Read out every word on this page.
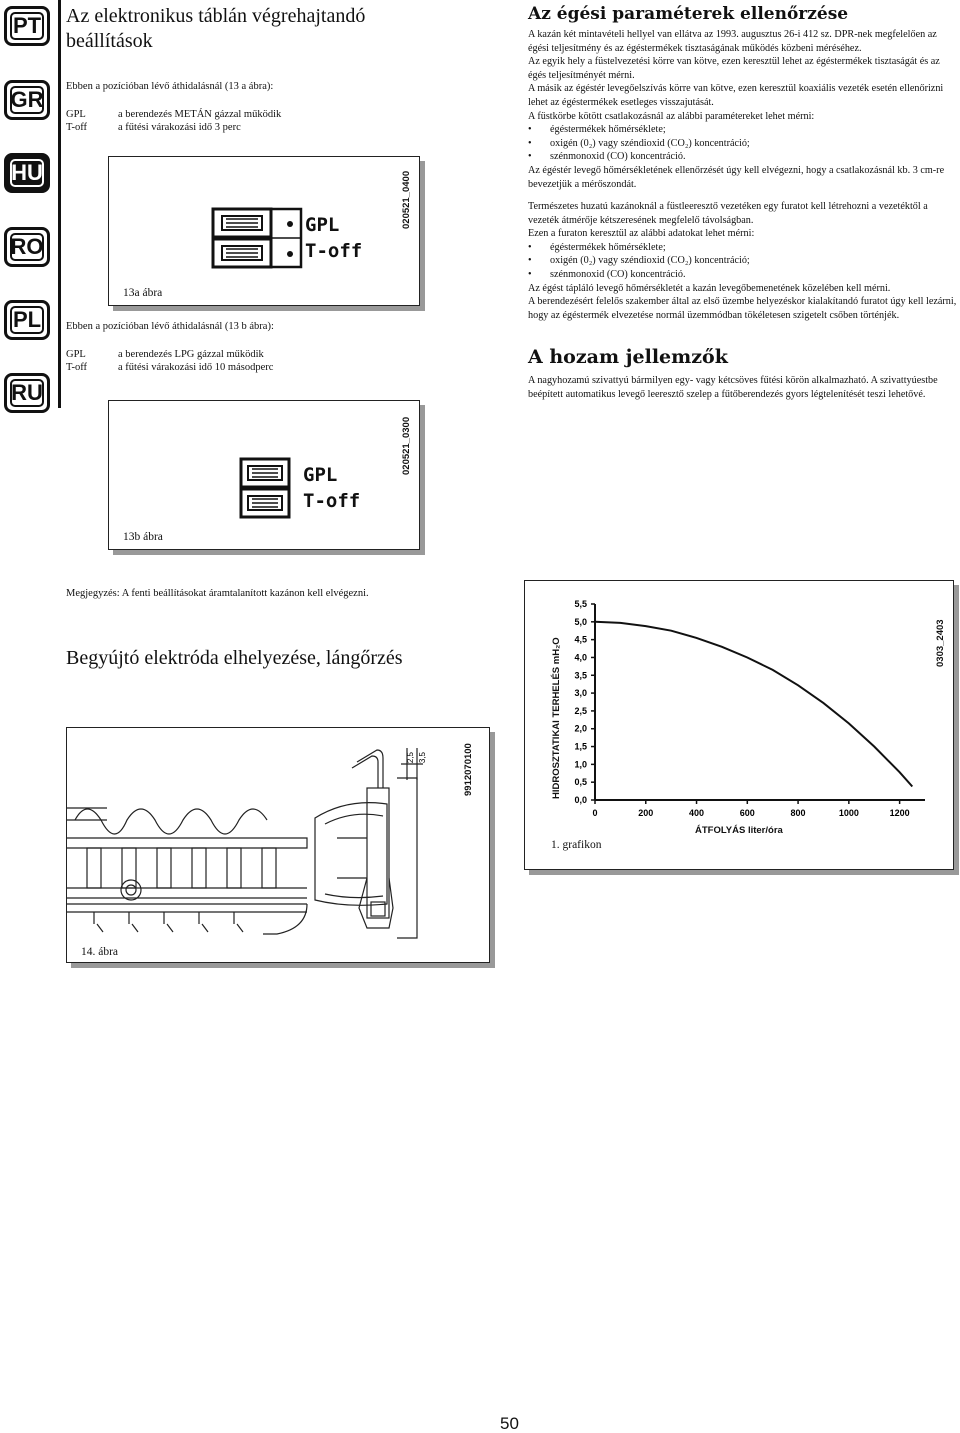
PT
GR
HU
RO
PL
RU
Az elektronikus táblán végrehajtandó
beállítások
Ebben a pozícióban lévő áthidalásnál (13 a ábra):
GPL	a berendezés METÁN gázzal működik
T-off	a fűtési várakozási idő 3 perc
GPL
T-off
020521_0400
13a ábra
Ebben a pozícióban lévő áthidalásnál (13 b ábra):
GPL	a berendezés LPG gázzal működik
T-off	a fűtési várakozási idő 10 másodperc
GPL
T-off
020521_0300
13b ábra
Megjegyzés: A fenti beállításokat áramtalanított kazánon kell elvégezni.
Begyújtó elektróda elhelyezése, lángőrzés
2,5 3,5	9912070100
14. ábra
Az égési paraméterek ellenőrzése

A kazán két mintavételi hellyel van ellátva az 1993. augusztus 26-i 412 sz. DPR-nek megfelelően az égési teljesítmény és az égéstermékek tisztaságának működés közbeni méréséhez.

Az egyik hely a füstelvezetési körre van kötve, ezen keresztül lehet az égéstermékek tisztaságát és az égés teljesítményét mérni.

A másik az égéstér levegőelszívás körre van kötve, ezen keresztül koaxiális vezeték esetén ellenőrizni lehet az égéstermékek esetleges visszajutását.

A füstkörbe kötött csatlakozásnál az alábbi paramétereket lehet mérni:

• égéstermékek hőmérséklete;
• oxigén (0₂) vagy széndioxid (CO₂) koncentráció;
• szénmonoxid (CO) koncentráció.

Az égéstér levegő hőmérsékletének ellenőrzését úgy kell elvégezni, hogy a csatlakozásnál kb. 3 cm-re bevezetjük a mérőszondát.

Természetes huzatú kazánoknál a füstleeresztő vezetéken egy furatot kell létrehozni a vezetéktől a vezeték átmérője kétszeresének megfelelő távolságban.

Ezen a furaton keresztül az alábbi adatokat lehet mérni:

• égéstermékek hőmérséklete;
• oxigén (0₂) vagy széndioxid (CO₂) koncentráció;
• szénmonoxid (CO) koncentráció.

Az égést tápláló levegő hőmérsékletét a kazán levegőbemenetének közelében kell mérni.

A berendezésért felelős szakember által az első üzembe helyezéskor kialakítandó furatot úgy kell lezárni, hogy az égéstermék elvezetése normál üzemmódban tökéletesen szigetelt csőben történjék.

A hozam jellemzők

A nagyhozamú szivattyú bármilyen egy- vagy kétcsöves fűtési körön alkalmazható. A szivattyúestbe beépített automatikus levegő leeresztő szelep a fűtőberendezés gyors légtelenítését teszi lehetővé.

0,0
0,5
1,0
1,5
2,0
2,5
3,0
3,5
4,0
4,5
5,0
5,5
0	200	400	600	800	1000	1200
0303_2403
1. grafikon
ÁTFOLYÁS liter/óra
HIDROSZTATIKAI TERHELÉS mH₂O
50
